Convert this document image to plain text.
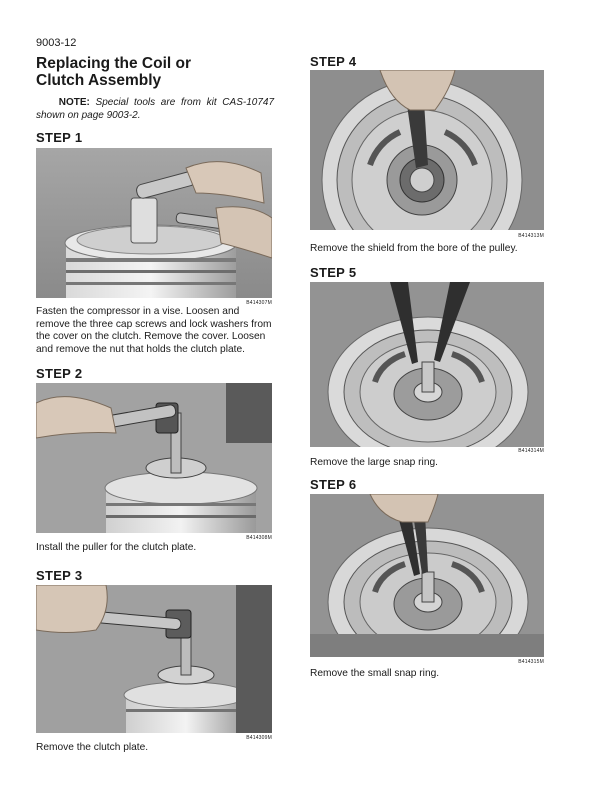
9003-12
Replacing the Coil or
Clutch Assembly
NOTE: Special tools are from kit CAS-10747 shown on page 9003-2.
STEP 1
B414307M
Fasten the compressor in a vise. Loosen and remove the three cap screws and lock washers from the cover on the clutch. Remove the cover. Loosen and remove the nut that holds the clutch plate.
STEP 2
B414308M
Install the puller for the clutch plate.
STEP 3
B414309M
Remove the clutch plate.
STEP 4
B414313M
Remove the shield from the bore of the pulley.
STEP 5
B414314M
Remove the large snap ring.
STEP 6
B414315M
Remove the small snap ring.
